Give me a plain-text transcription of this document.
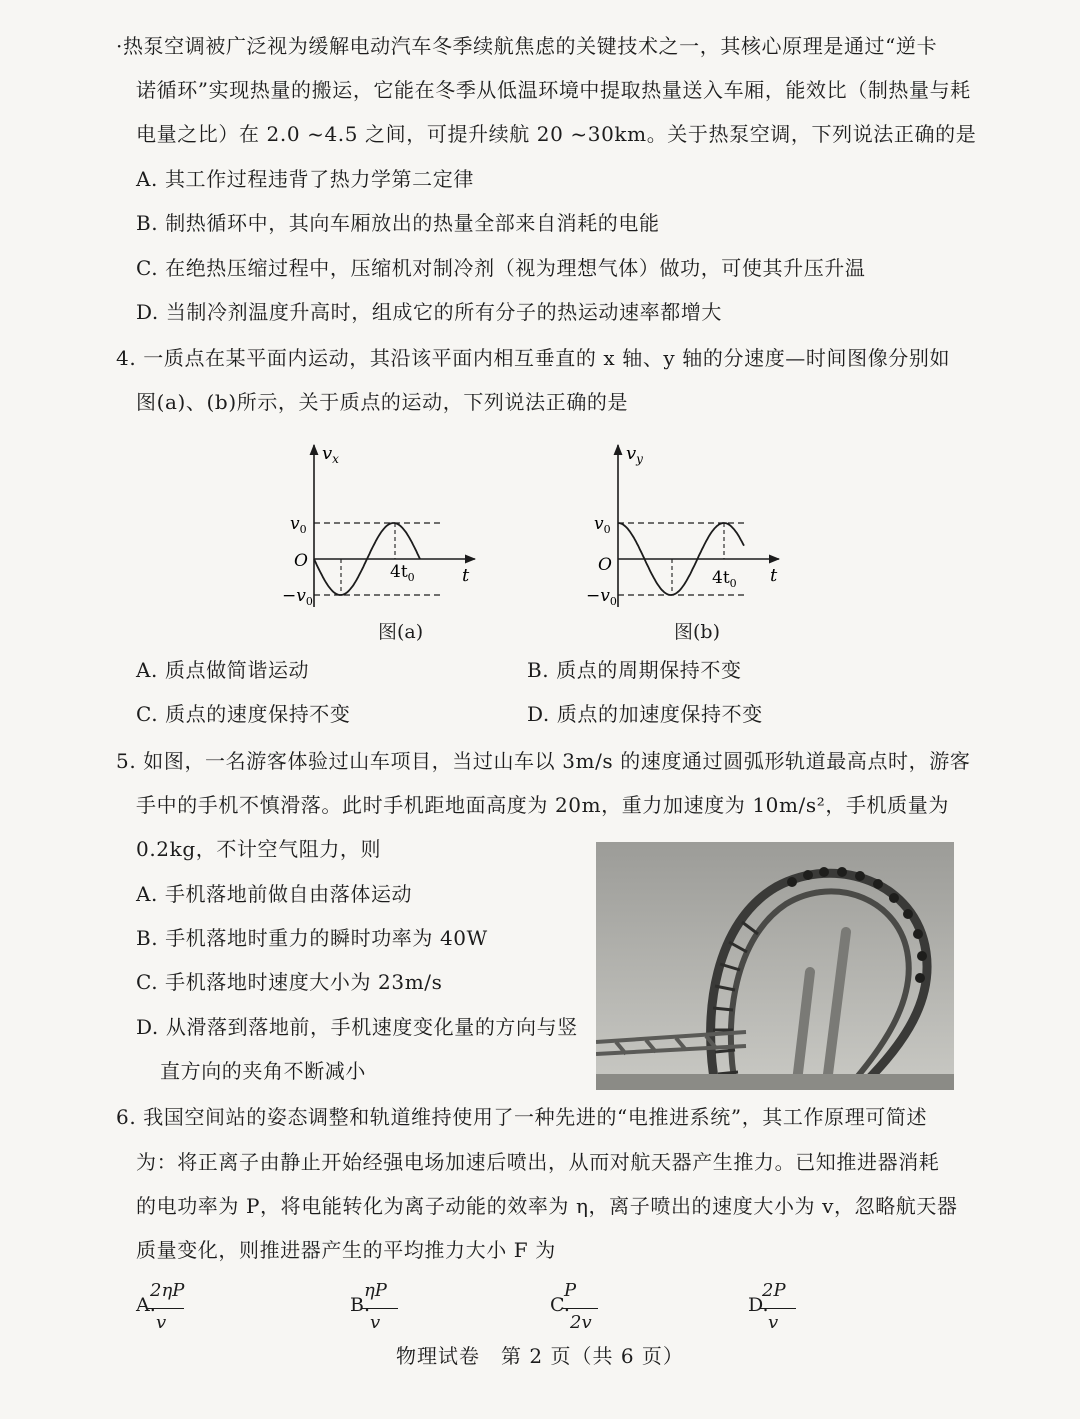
·热泵空调被广泛视为缓解电动汽车冬季续航焦虑的关键技术之一，其核心原理是通过“逆卡
诺循环”实现热量的搬运，它能在冬季从低温环境中提取热量送入车厢，能效比（制热量与耗
电量之比）在 2.0 ~4.5 之间，可提升续航 20 ~30km。关于热泵空调，下列说法正确的是
A. 其工作过程违背了热力学第二定律
B. 制热循环中，其向车厢放出的热量全部来自消耗的电能
C. 在绝热压缩过程中，压缩机对制冷剂（视为理想气体）做功，可使其升压升温
D. 当制冷剂温度升高时，组成它的所有分子的热运动速率都增大
4. 一质点在某平面内运动，其沿该平面内相互垂直的 x 轴、y 轴的分速度—时间图像分别如
图(a)、(b)所示，关于质点的运动，下列说法正确的是
$v_x$
$v_0$
O
$-v_0$
$4t_0$	t
图(a)
$v_y$
$v_0$
O
$-v_0$
$4t_0$ t
图(b)
A. 质点做简谐运动	B. 质点的周期保持不变
C. 质点的速度保持不变	D. 质点的加速度保持不变
5. 如图，一名游客体验过山车项目，当过山车以 3m/s 的速度通过圆弧形轨道最高点时，游客
手中的手机不慎滑落。此时手机距地面高度为 20m，重力加速度为 10m/s²，手机质量为
0.2kg，不计空气阻力，则
A. 手机落地前做自由落体运动
B. 手机落地时重力的瞬时功率为 40W
C. 手机落地时速度大小为 23m/s
D. 从滑落到落地前，手机速度变化量的方向与竖
直方向的夹角不断减小
6. 我国空间站的姿态调整和轨道维持使用了一种先进的“电推进系统”，其工作原理可简述
为：将正离子由静止开始经强电场加速后喷出，从而对航天器产生推力。已知推进器消耗
的电功率为 P，将电能转化为离子动能的效率为 η，离子喷出的速度大小为 v，忽略航天器
质量变化，则推进器产生的平均推力大小 F 为
A.
2ηP
v
B.
ηP
v
C.
P
2v
D.
2P
v
物理试卷　第 2 页（共 6 页）
